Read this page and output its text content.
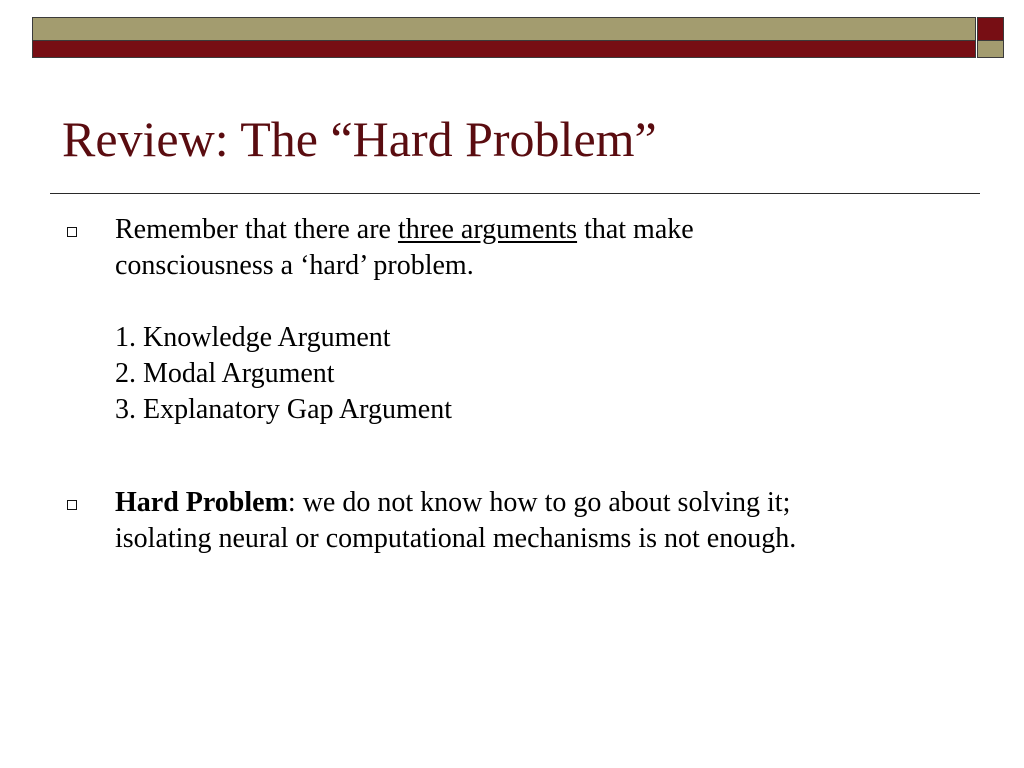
Review: The “Hard Problem”

Remember that there are three arguments that make

consciousness a ‘hard’ problem.

1. Knowledge Argument

2. Modal Argument

3. Explanatory Gap Argument

Hard Problem: we do not know how to go about solving it;

isolating neural or computational mechanisms is not enough.
